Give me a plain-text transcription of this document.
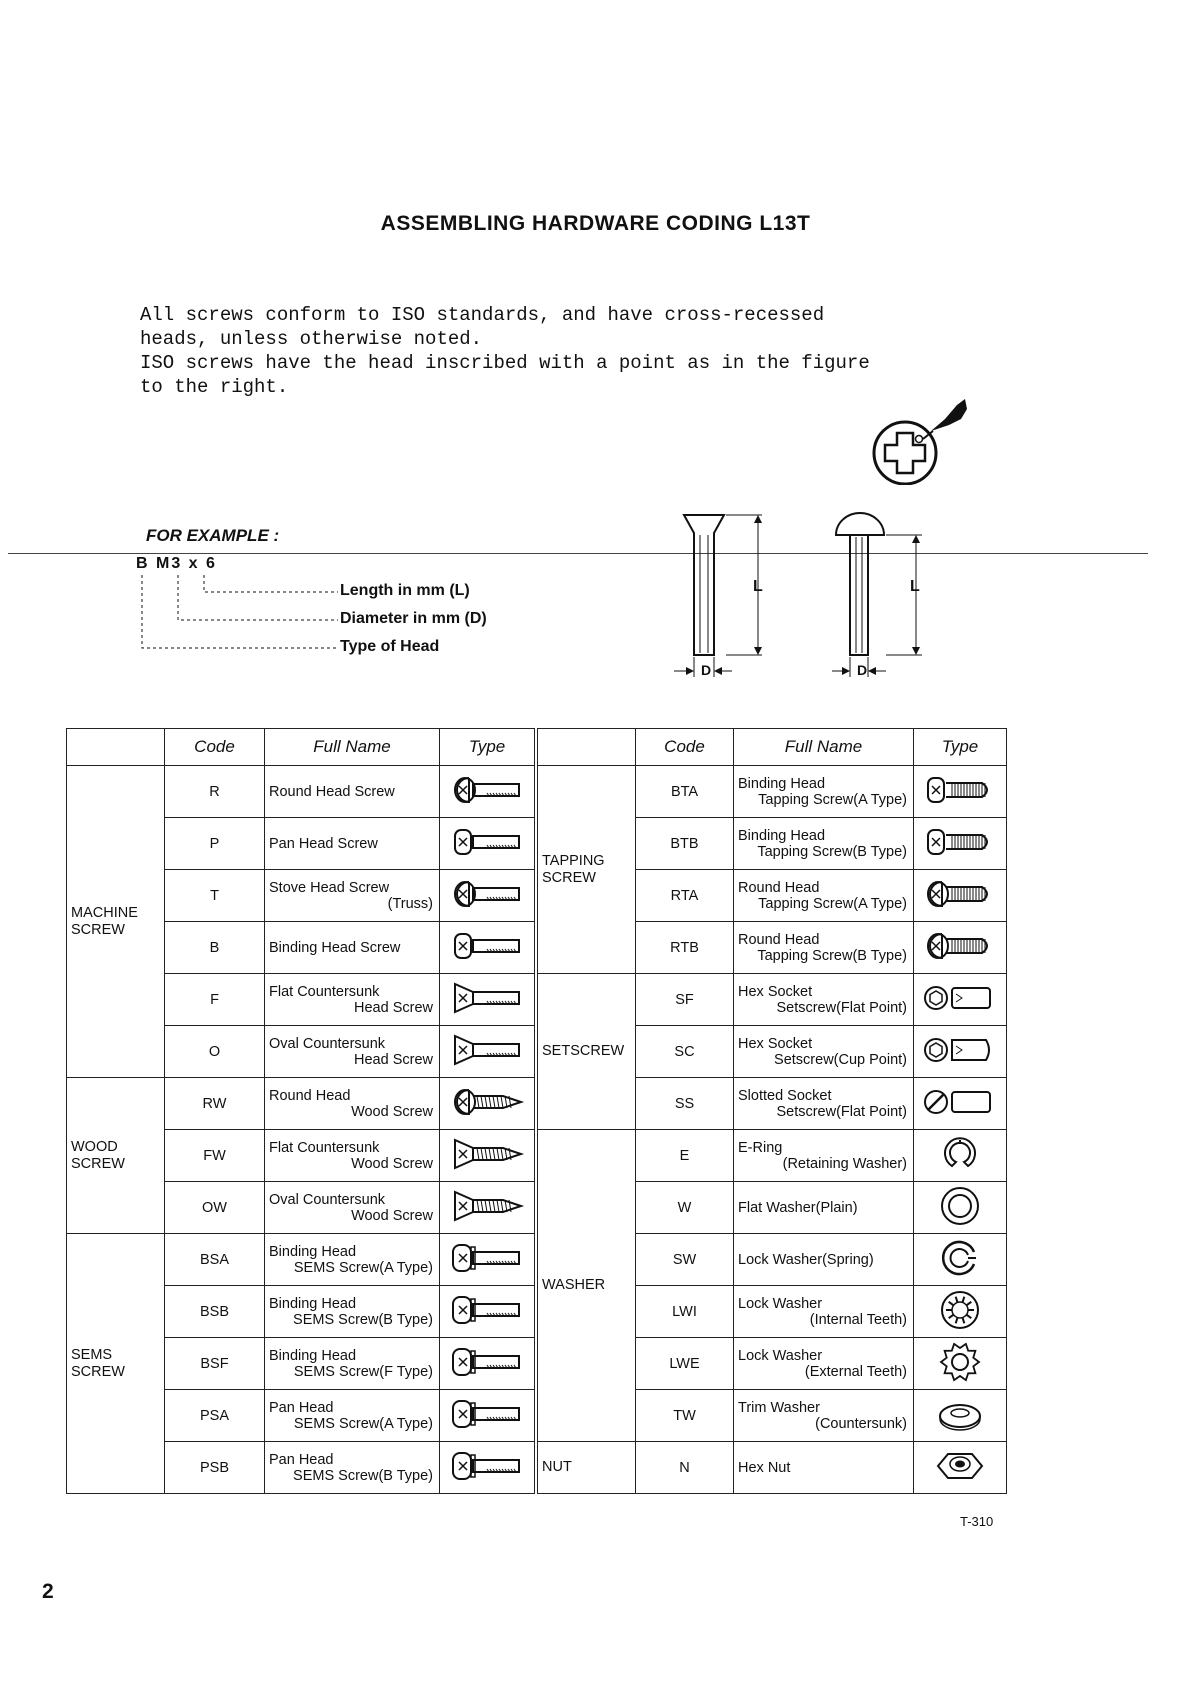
ASSEMBLING HARDWARE CODING L13T
All screws conform to ISO standards, and have cross-recessed
heads, unless otherwise noted.
ISO screws have the head inscribed with a point as in the figure
to the right.
FOR EXAMPLE :
B M3 x 6
Length in mm (L)
Diameter in mm (D)
Type of Head
L	L
D	D
	Code	Full Name	Type
MACHINE SCREW	R	Round Head Screw

	P	Pan Head Screw

	T	Stove Head Screw
(Truss)

	B	Binding Head Screw

	F	Flat Countersunk
Head Screw

	O	Oval Countersunk
Head Screw

WOOD SCREW	RW	Round Head
Wood Screw

	FW	Flat Countersunk
Wood Screw

	OW	Oval Countersunk
Wood Screw

SEMS SCREW	BSA	Binding Head
SEMS Screw(A Type)

	BSB	Binding Head
SEMS Screw(B Type)

	BSF	Binding Head
SEMS Screw(F Type)

	PSA	Pan Head
SEMS Screw(A Type)

	PSB	Pan Head
SEMS Screw(B Type)

	Code	Full Name	Type
TAPPING SCREW	BTA	Binding Head
Tapping Screw(A Type)

	BTB	Binding Head
Tapping Screw(B Type)

	RTA	Round Head
Tapping Screw(A Type)

	RTB	Round Head
Tapping Screw(B Type)

SETSCREW	SF	Hex Socket
Setscrew(Flat Point)

	SC	Hex Socket
Setscrew(Cup Point)

	SS	Slotted Socket
Setscrew(Flat Point)

WASHER	E	E-Ring
(Retaining Washer)

	W	Flat Washer(Plain)

	SW	Lock Washer(Spring)

	LWI	Lock Washer
(Internal Teeth)

	LWE	Lock Washer
(External Teeth)

	TW	Trim Washer
(Countersunk)

NUT	N	Hex Nut

T-310
2
